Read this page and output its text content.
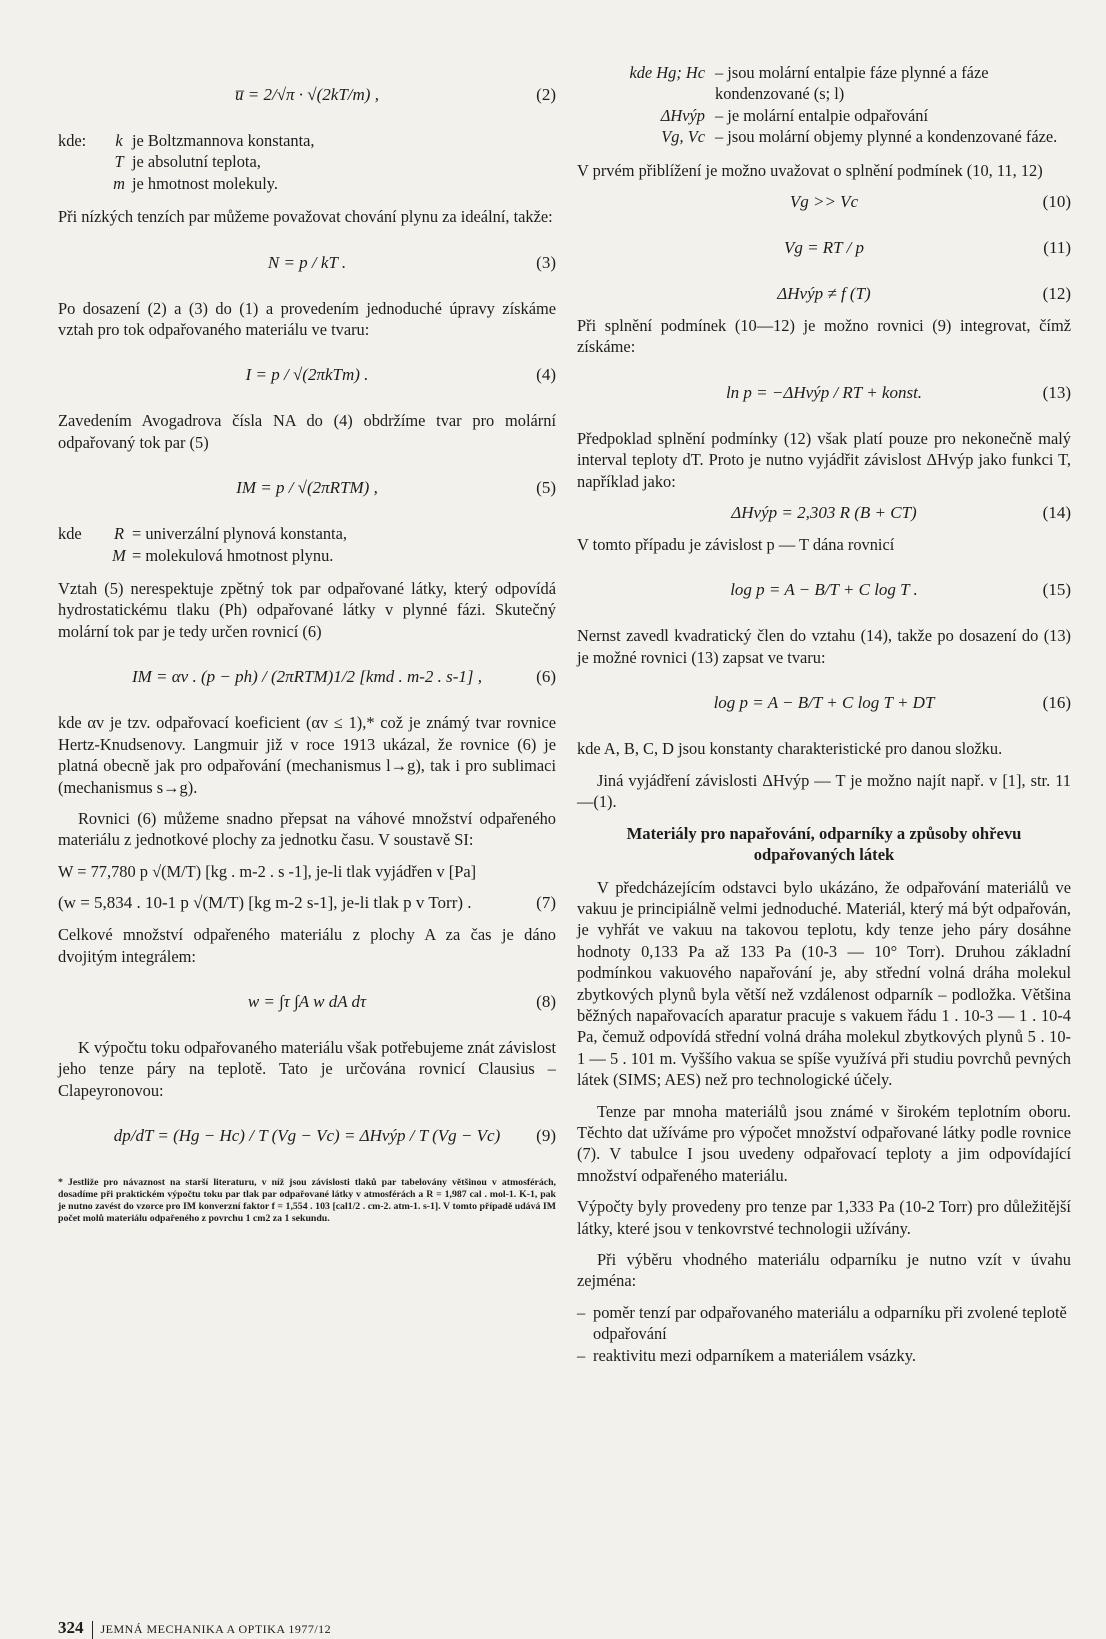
u̅ = 2/√π · √(2kT/m) ,	(2)
kde:	k je Boltzmannova konstanta,
T je absolutní teplota,
m je hmotnost molekuly.

Při nízkých tenzích par můžeme považovat chování plynu za ideální, takže:

N = p / kT .	(3)

Po dosazení (2) a (3) do (1) a provedením jednoduché úpravy získáme vztah pro tok odpařovaného materiálu ve tvaru:

I = p / √(2πkTm) .	(4)

Zavedením Avogadrova čísla NA do (4) obdržíme tvar pro molární odpařovaný tok par (5)

IM = p / √(2πRTM) ,	(5)
kde	R = univerzální plynová konstanta,
M = molekulová hmotnost plynu.

Vztah (5) nerespektuje zpětný tok par odpařované látky, který odpovídá hydrostatickému tlaku (Ph) odpařované látky v plynné fázi. Skutečný molární tok par je tedy určen rovnicí (6)

IM = αv . (p − ph) / (2πRTM)1/2 [kmd . m-2 . s-1] ,	(6)

kde αv je tzv. odpařovací koeficient (αv ≤ 1),* což je známý tvar rovnice Hertz-Knudsenovy. Langmuir již v roce 1913 ukázal, že rovnice (6) je platná obecně jak pro odpařování (mechanismus l→g), tak i pro sublimaci (mechanismus s→g).

Rovnici (6) můžeme snadno přepsat na váhové množství odpařeného materiálu z jednotkové plochy za jednotku času. V soustavě SI:

W = 77,780 p √(M/T) [kg . m-2 . s -1], je-li tlak vyjádřen v [Pa]

(w = 5,834 . 10-1 p √(M/T) [kg m-2 s-1], je-li tlak p v Torr) .	(7)

Celkové množství odpařeného materiálu z plochy A za čas je dáno dvojitým integrálem:

w = ∫τ ∫A w dA dτ	(8)

K výpočtu toku odpařovaného materiálu však potřebujeme znát závislost jeho tenze páry na teplotě. Tato je určována rovnicí Clausius – Clapeyronovou:

dp/dT = (Hg − Hc) / T (Vg − Vc) = ΔHvýp / T (Vg − Vc)	(9)
* Jestliže pro návaznost na starší literaturu, v níž jsou závislosti tlaků par tabelovány většinou v atmosférách, dosadíme při praktickém výpočtu toku par tlak par odpařované látky v atmosférách a R = 1,987 cal . mol-1. K-1, pak je nutno zavést do vzorce pro IM konverzní faktor f = 1,554 . 103 [cal1/2 . cm-2. atm-1. s-1]. V tomto případě udává IM počet molů materiálu odpařeného z povrchu 1 cm2 za 1 sekundu.
kde Hg; Hc – jsou molární entalpie fáze plynné a fáze kondenzované (s; l)
ΔHvýp – je molární entalpie odpařování
Vg, Vc – jsou molární objemy plynné a kondenzované fáze.

V prvém přiblížení je možno uvažovat o splnění podmínek (10, 11, 12)

Vg >> Vc	(10)
Vg = RT / p	(11)
ΔHvýp ≠ f (T)	(12)

Při splnění podmínek (10—12) je možno rovnici (9) integrovat, čímž získáme:

ln p = −ΔHvýp / RT + konst.	(13)

Předpoklad splnění podmínky (12) však platí pouze pro nekonečně malý interval teploty dT. Proto je nutno vyjádřit závislost ΔHvýp jako funkci T, například jako:

ΔHvýp = 2,303 R (B + CT)	(14)

V tomto případu je závislost p — T dána rovnicí

log p = A − B/T + C log T .	(15)

Nernst zavedl kvadratický člen do vztahu (14), takže po dosazení do (13) je možné rovnici (13) zapsat ve tvaru:

log p = A − B/T + C log T + DT	(16)

kde A, B, C, D jsou konstanty charakteristické pro danou složku.

Jiná vyjádření závislosti ΔHvýp — T je možno najít např. v [1], str. 11—(1).

Materiály pro napařování, odparníky a způsoby ohřevu odpařovaných látek

V předcházejícím odstavci bylo ukázáno, že odpařování materiálů ve vakuu je principiálně velmi jednoduché. Materiál, který má být odpařován, je vyhřát ve vakuu na takovou teplotu, kdy tenze jeho páry dosáhne hodnoty 0,133 Pa až 133 Pa (10-3 — 10° Torr). Druhou základní podmínkou vakuového napařování je, aby střední volná dráha molekul zbytkových plynů byla větší než vzdálenost odparník – podložka. Většina běžných napařovacích aparatur pracuje s vakuem řádu 1 . 10-3 — 1 . 10-4 Pa, čemuž odpovídá střední volná dráha molekul zbytkových plynů 5 . 10-1 — 5 . 101 m. Vyššího vakua se spíše využívá při studiu povrchů pevných látek (SIMS; AES) než pro technologické účely.

Tenze par mnoha materiálů jsou známé v širokém teplotním oboru. Těchto dat užíváme pro výpočet množství odpařované látky podle rovnice (7). V tabulce I jsou uvedeny odpařovací teploty a jim odpovídající množství odpařeného materiálu.

Výpočty byly provedeny pro tenze par 1,333 Pa (10-2 Torr) pro důležitější látky, které jsou v tenkovrstvé technologii užívány.

Při výběru vhodného materiálu odparníku je nutno vzít v úvahu zejména:

– poměr tenzí par odpařovaného materiálu a odparníku při zvolené teplotě odpařování
– reaktivitu mezi odparníkem a materiálem vsázky.
324 JEMNÁ MECHANIKA A OPTIKA 1977/12
